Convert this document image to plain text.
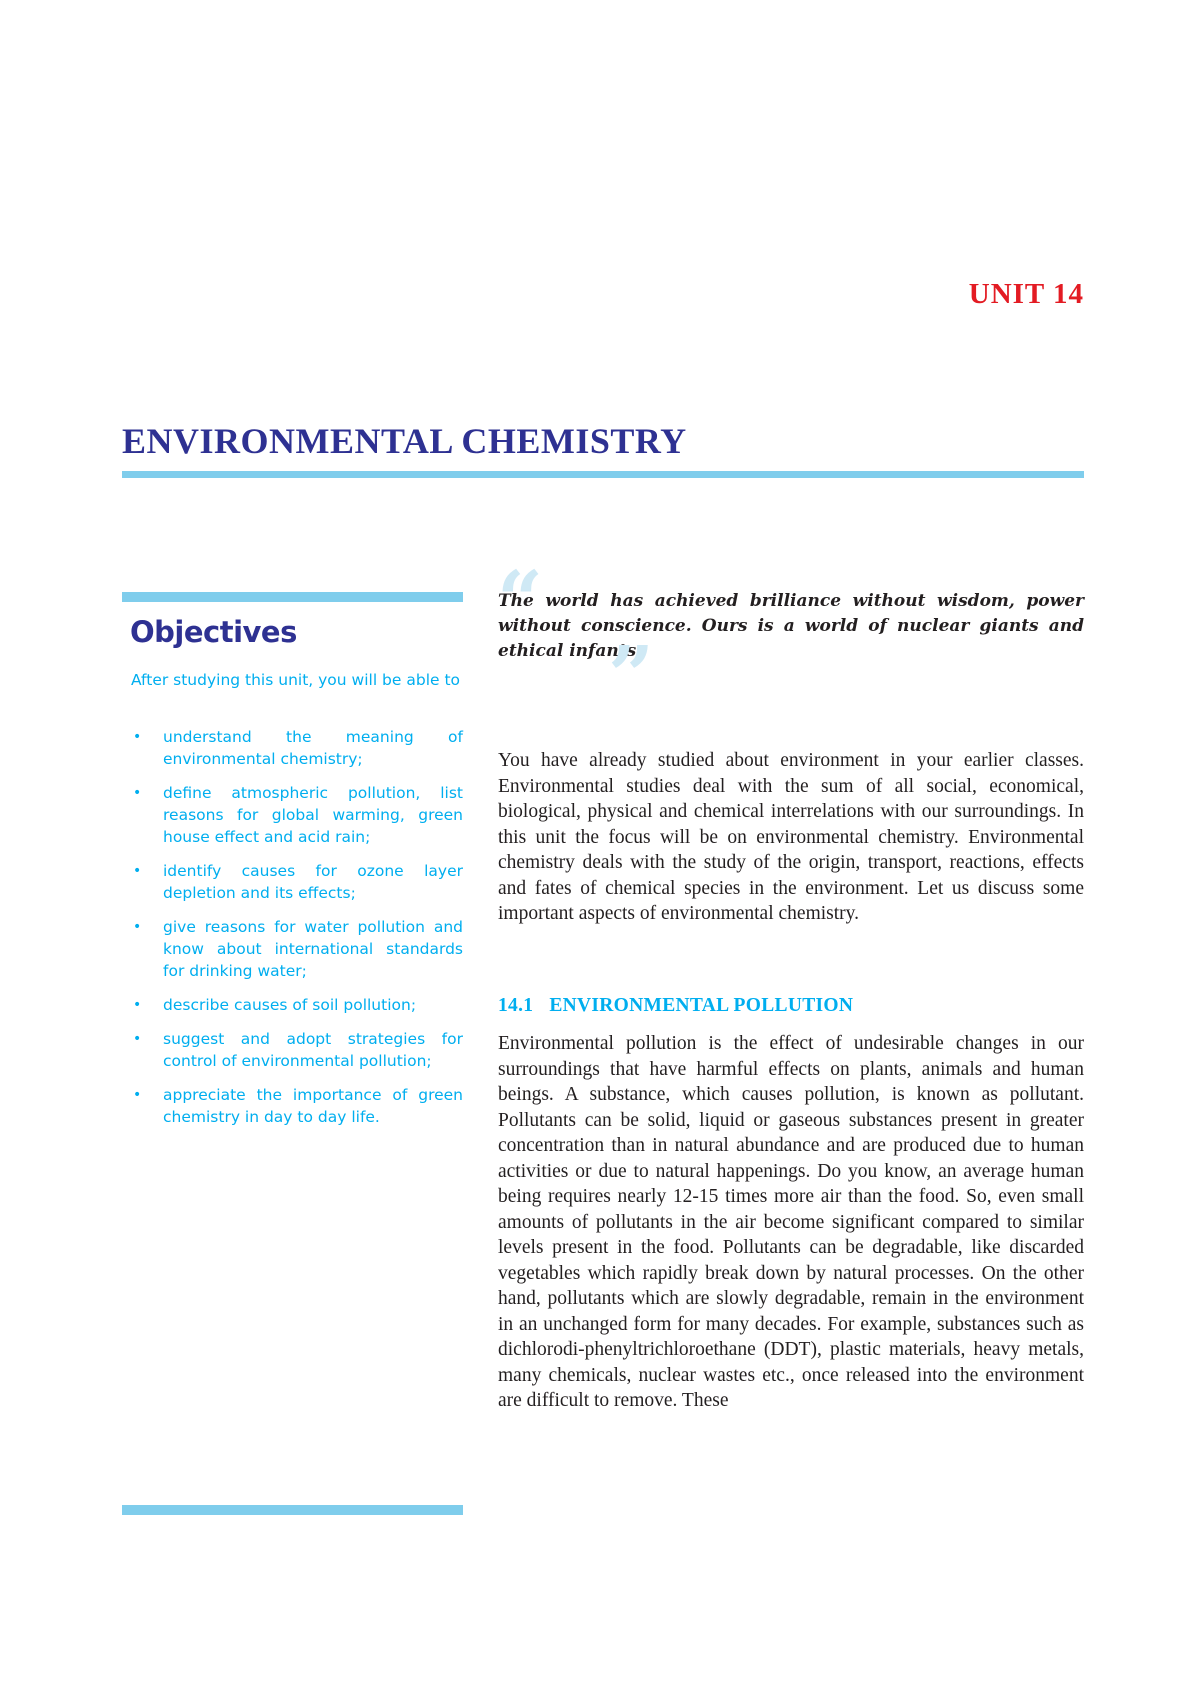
UNIT 14
ENVIRONMENTAL CHEMISTRY
Objectives
After studying this unit, you will be able to
• understand the meaning of environmental chemistry;
• define atmospheric pollution, list reasons for global warming, green house effect and acid rain;
• identify causes for ozone layer depletion and its effects;
• give reasons for water pollution and know about international standards for drinking water;
• describe causes of soil pollution;
• suggest and adopt strategies for control of environmental pollution;
• appreciate the importance of green chemistry in day to day life.
“
The world has achieved brilliance without wisdom, power without conscience. Ours is a world of nuclear giants and ethical infants.
”

You have already studied about environment in your earlier classes. Environmental studies deal with the sum of all social, economical, biological, physical and chemical interrelations with our surroundings. In this unit the focus will be on environmental chemistry. Environmental chemistry deals with the study of the origin, transport, reactions, effects and fates of chemical species in the environment. Let us discuss some important aspects of environmental chemistry.

14.1 ENVIRONMENTAL POLLUTION

Environmental pollution is the effect of undesirable changes in our surroundings that have harmful effects on plants, animals and human beings. A substance, which causes pollution, is known as pollutant. Pollutants can be solid, liquid or gaseous substances present in greater concentration than in natural abundance and are produced due to human activities or due to natural happenings. Do you know, an average human being requires nearly 12-15 times more air than the food. So, even small amounts of pollutants in the air become significant compared to similar levels present in the food. Pollutants can be degradable, like discarded vegetables which rapidly break down by natural processes. On the other hand, pollutants which are slowly degradable, remain in the environment in an unchanged form for many decades. For example, substances such as dichlorodi-phenyltrichloroethane (DDT), plastic materials, heavy metals, many chemicals, nuclear wastes etc., once released into the environment are difficult to remove. These
